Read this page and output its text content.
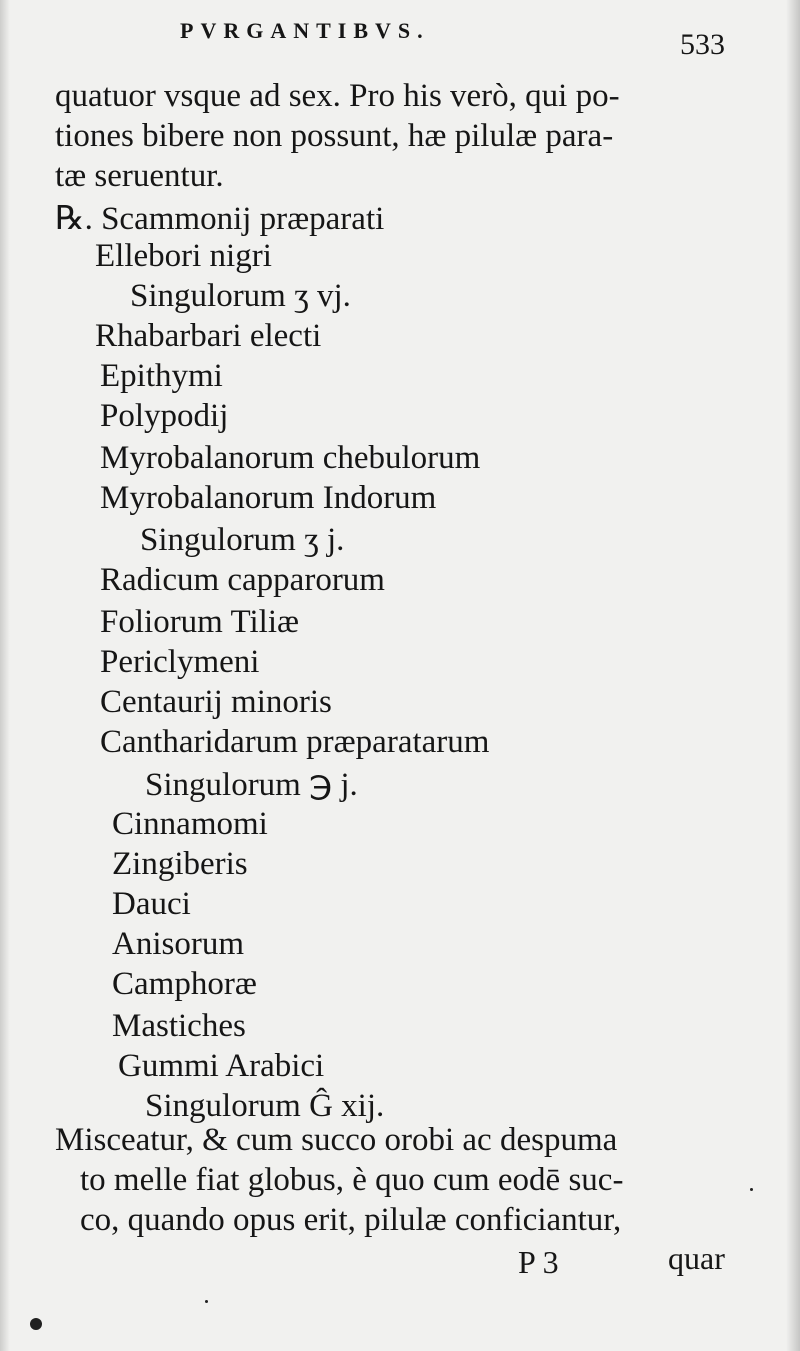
PVRGANTIBVS.	533
quatuor vsque ad sex. Pro his verò, qui po-
tiones bibere non possunt, hæ pilulæ para-
tæ seruentur.
℞. Scammonij præparati
Ellebori nigri
Singulorum ʒ vj.
Rhabarbari electi
Epithymi
Polypodij
Myrobalanorum chebulorum
Myrobalanorum Indorum
Singulorum ʒ j.
Radicum capparorum
Foliorum Tiliæ
Periclymeni
Centaurij minoris
Cantharidarum præparatarum
Singulorum ℈ j.
Cinnamomi
Zingiberis
Dauci
Anisorum
Camphoræ
Mastiches
Gummi Arabici
Singulorum Ĝ xij.
Misceatur, & cum succo orobi ac despuma
to melle fiat globus, è quo cum eodē suc-
co, quando opus erit, pilulæ conficiantur,
P 3	quar
